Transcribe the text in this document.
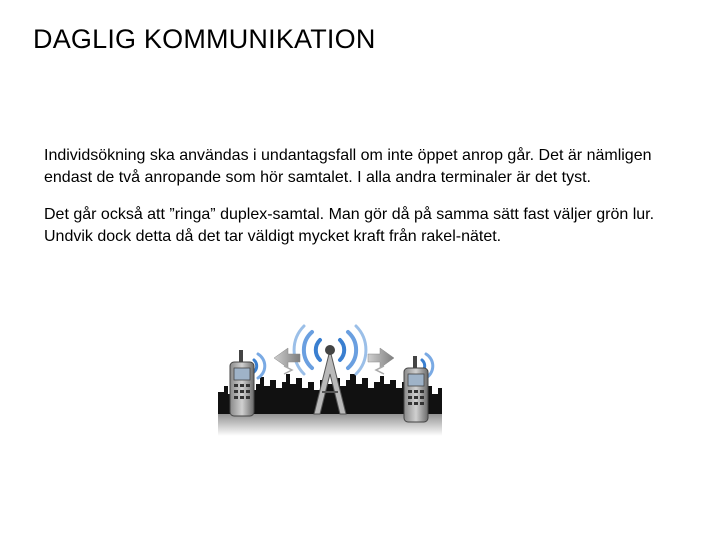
DAGLIG KOMMUNIKATION

Individsökning ska användas i undantagsfall om inte öppet anrop går. Det är nämligen endast de två anropande som hör samtalet. I alla andra terminaler är det tyst.

Det går också att ”ringa” duplex-samtal. Man gör då på samma sätt fast väljer grön lur. Undvik dock detta då det tar väldigt mycket kraft från rakel-nätet.
